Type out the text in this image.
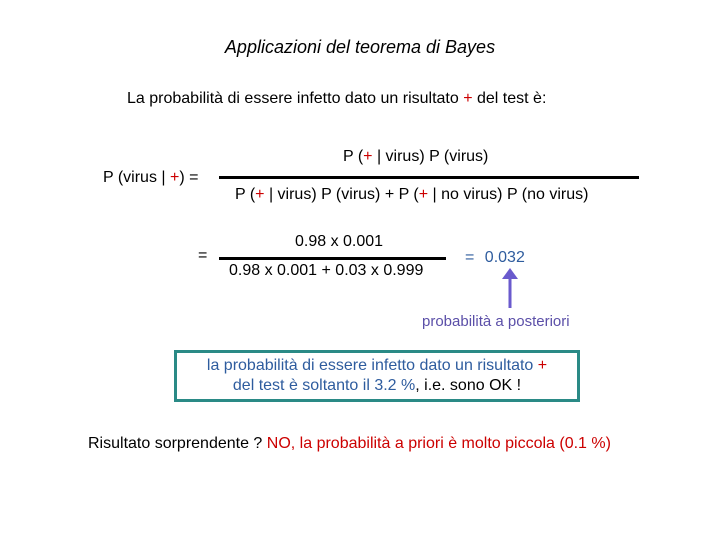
Applicazioni del teorema di Bayes
La probabilità di essere infetto dato un risultato + del test è:
P (virus | +) =
P (+ | virus) P (virus)
P (+ | virus) P (virus) + P (+ | no virus) P (no virus)
=
0.98 x 0.001
0.98 x 0.001 + 0.03 x 0.999
= 0.032
probabilità a posteriori
la probabilità di essere infetto dato un risultato +
del test è soltanto il 3.2 %, i.e. sono OK !
Risultato sorprendente ? NO, la probabilità a priori è molto piccola (0.1 %)
